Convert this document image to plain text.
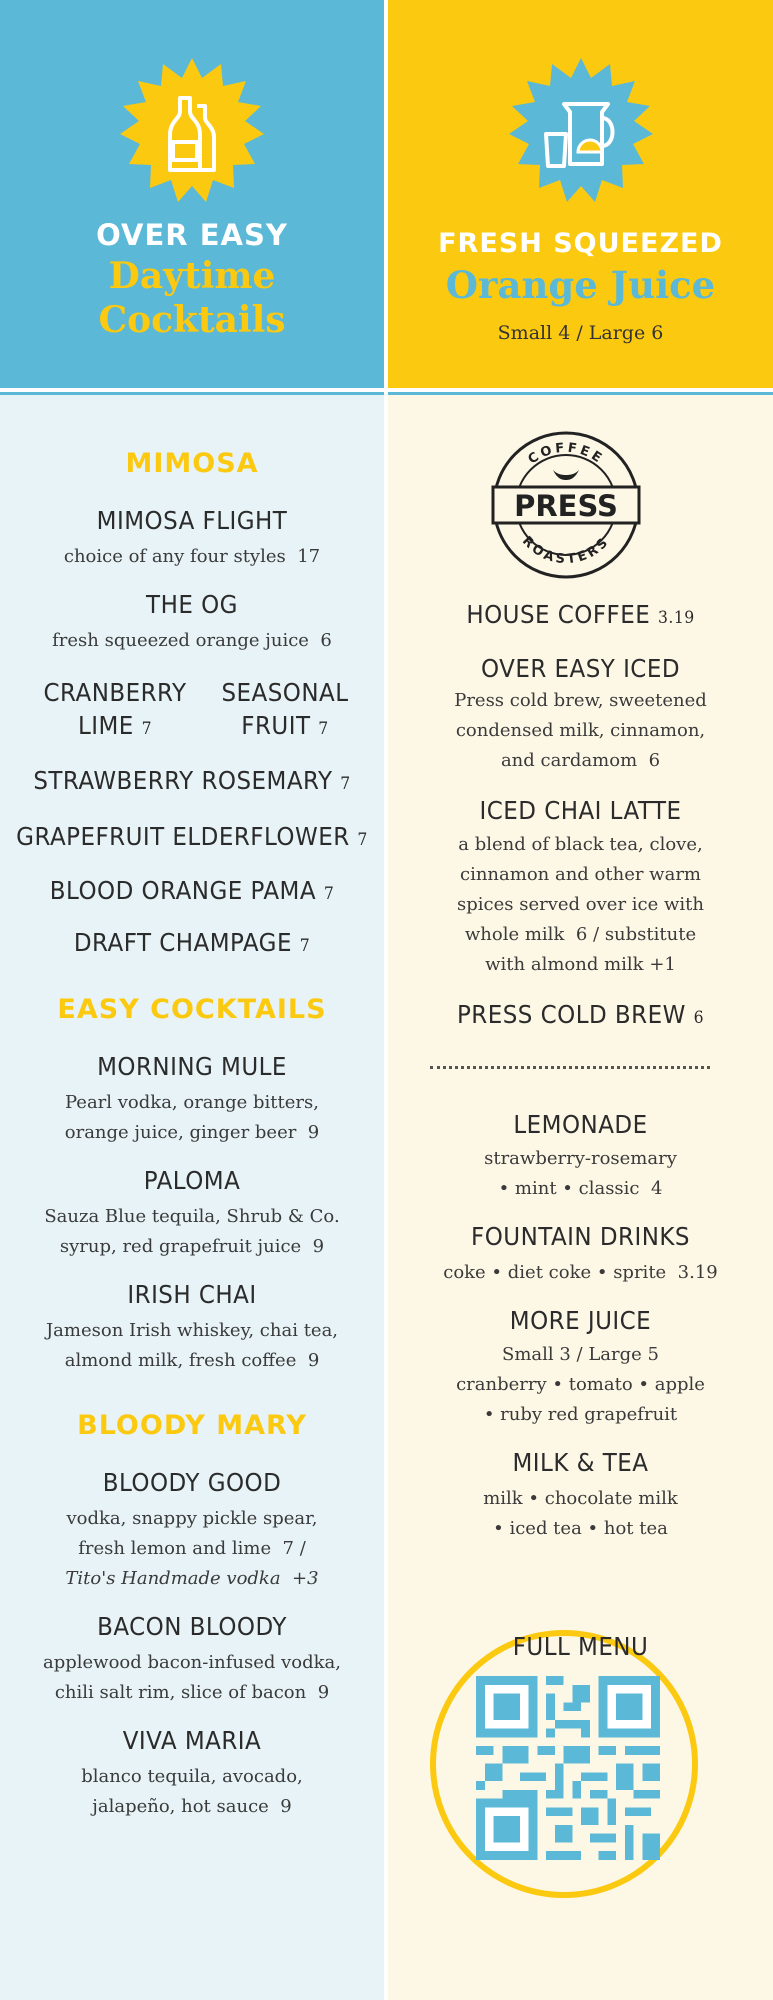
OVER EASY
Daytime
Cocktails
FRESH SQUEEZED
Orange Juice
Small 4 / Large 6
MIMOSA
MIMOSA FLIGHT
choice of any four styles 17
THE OG
fresh squeezed orange juice 6
CRANBERRY
LIME 7
SEASONAL
FRUIT 7
STRAWBERRY ROSEMARY 7
GRAPEFRUIT ELDERFLOWER 7
BLOOD ORANGE PAMA 7
DRAFT CHAMPAGE 7
EASY COCKTAILS
MORNING MULE
Pearl vodka, orange bitters,
orange juice, ginger beer 9
PALOMA
Sauza Blue tequila, Shrub & Co.
syrup, red grapefruit juice 9
IRISH CHAI
Jameson Irish whiskey, chai tea,
almond milk, fresh coffee 9
BLOODY MARY
BLOODY GOOD
vodka, snappy pickle spear,
fresh lemon and lime 7 /
Tito's Handmade vodka +3
BACON BLOODY
applewood bacon-infused vodka,
chili salt rim, slice of bacon 9
VIVA MARIA
blanco tequila, avocado,
jalapeño, hot sauce 9
COFFEE
ROASTERS
PRESS
HOUSE COFFEE 3.19
OVER EASY ICED
Press cold brew, sweetened
condensed milk, cinnamon,
and cardamom 6
ICED CHAI LATTE
a blend of black tea, clove,
cinnamon and other warm
spices served over ice with
whole milk 6 / substitute
with almond milk +1
PRESS COLD BREW 6
LEMONADE
strawberry-rosemary
• mint • classic 4
FOUNTAIN DRINKS
coke • diet coke • sprite 3.19
MORE JUICE
Small 3 / Large 5
cranberry • tomato • apple
• ruby red grapefruit
MILK & TEA
milk • chocolate milk
• iced tea • hot tea
FULL MENU
